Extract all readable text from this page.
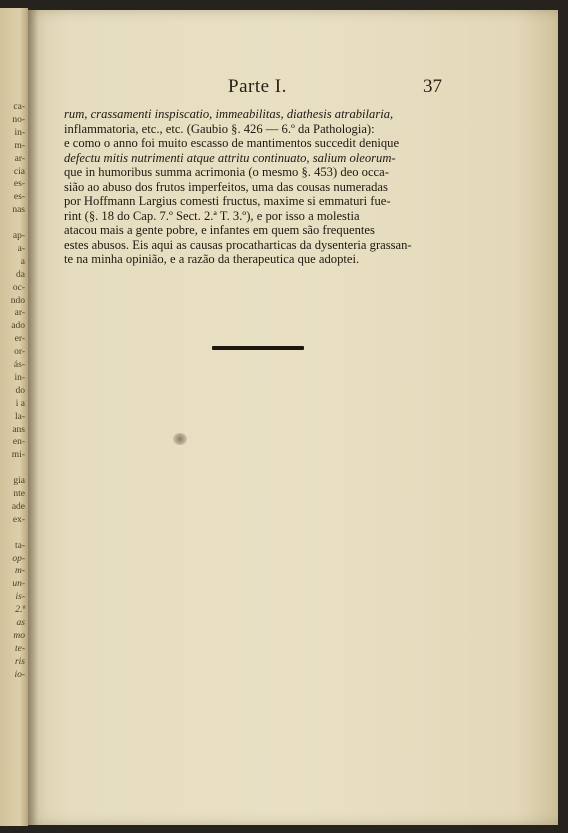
ca-
no-
in-
m-
ar-
cia
es-
es-
nas
ap-
a-
a
da
oc-
ndo
ar-
ado
er-
or-
ás-
in-
do
i a
la-
ans
en-
mi-
gia
nte
ade
ex-
ta-
op-
m-
un-
is-
2.ª
as
mo
te-
ris
io-
Parte I.	37
rum, crassamenti inspiscatio, immeabilitas, diathesis atrabilaria,
inflammatoria, etc., etc. (Gaubio §. 426 — 6.º da Pathologia):
e como o anno foi muito escasso de mantimentos succedit denique
defectu mitis nutrimenti atque attritu continuato, salium oleorum-
que in humoribus summa acrimonia (o mesmo §. 453) deo occa-
sião ao abuso dos frutos imperfeitos, uma das cousas numeradas
por Hoffmann Largius comesti fructus, maxime si emmaturi fue-
rint (§. 18 do Cap. 7.º Sect. 2.ª T. 3.º), e por isso a molestia
atacou mais a gente pobre, e infantes em quem são frequentes
estes abusos. Eis aqui as causas procatharticas da dysenteria grassan-
te na minha opinião, e a razão da therapeutica que adoptei.
